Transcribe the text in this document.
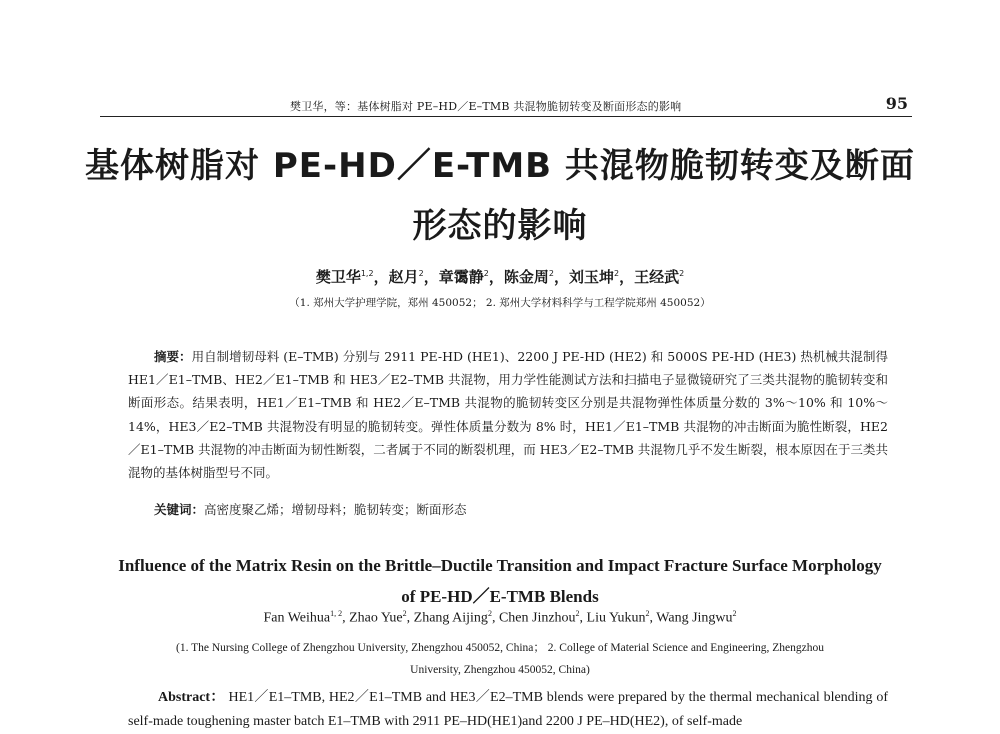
樊卫华，等：基体树脂对 PE–HD／E–TMB 共混物脆韧转变及断面形态的影响	95
基体树脂对 PE-HD／E-TMB 共混物脆韧转变及断面
形态的影响
樊卫华$^{1,2}$，赵月$^2$，章霭静$^2$，陈金周$^2$，刘玉坤$^2$，王经武$^2$
（1. 郑州大学护理学院，郑州 450052； 2. 郑州大学材料科学与工程学院郑州 450052）
摘要：用自制增韧母料 (E–TMB) 分别与 2911 PE-HD (HE1)、2200 J PE-HD (HE2) 和 5000S PE-HD (HE3) 热机械共混制得 HE1／E1–TMB、HE2／E1–TMB 和 HE3／E2–TMB 共混物，用力学性能测试方法和扫描电子显微镜研究了三类共混物的脆韧转变和断面形态。结果表明，HE1／E1–TMB 和 HE2／E–TMB 共混物的脆韧转变区分别是共混物弹性体质量分数的 3%～10% 和 10%～14%，HE3／E2–TMB 共混物没有明显的脆韧转变。弹性体质量分数为 8% 时，HE1／E1–TMB 共混物的冲击断面为脆性断裂，HE2／E1–TMB 共混物的冲击断面为韧性断裂，二者属于不同的断裂机理，而 HE3／E2–TMB 共混物几乎不发生断裂，根本原因在于三类共混物的基体树脂型号不同。
关键词：高密度聚乙烯；增韧母料；脆韧转变；断面形态
Influence of the Matrix Resin on the Brittle–Ductile Transition and Impact Fracture Surface Morphology
of PE-HD／E-TMB Blends
Fan Weihua$^{1, 2}$, Zhao Yue$^2$, Zhang Aijing$^2$, Chen Jinzhou$^2$, Liu Yukun$^2$, Wang Jingwu$^2$
(1. The Nursing College of Zhengzhou University, Zhengzhou 450052, China； 2. College of Material Science and Engineering, Zhengzhou
University, Zhengzhou 450052, China)
Abstract： HE1／E1–TMB, HE2／E1–TMB and HE3／E2–TMB blends were prepared by the thermal mechanical blending of self-made toughening master batch E1–TMB with 2911 PE–HD(HE1)and 2200 J PE–HD(HE2), of self-made
